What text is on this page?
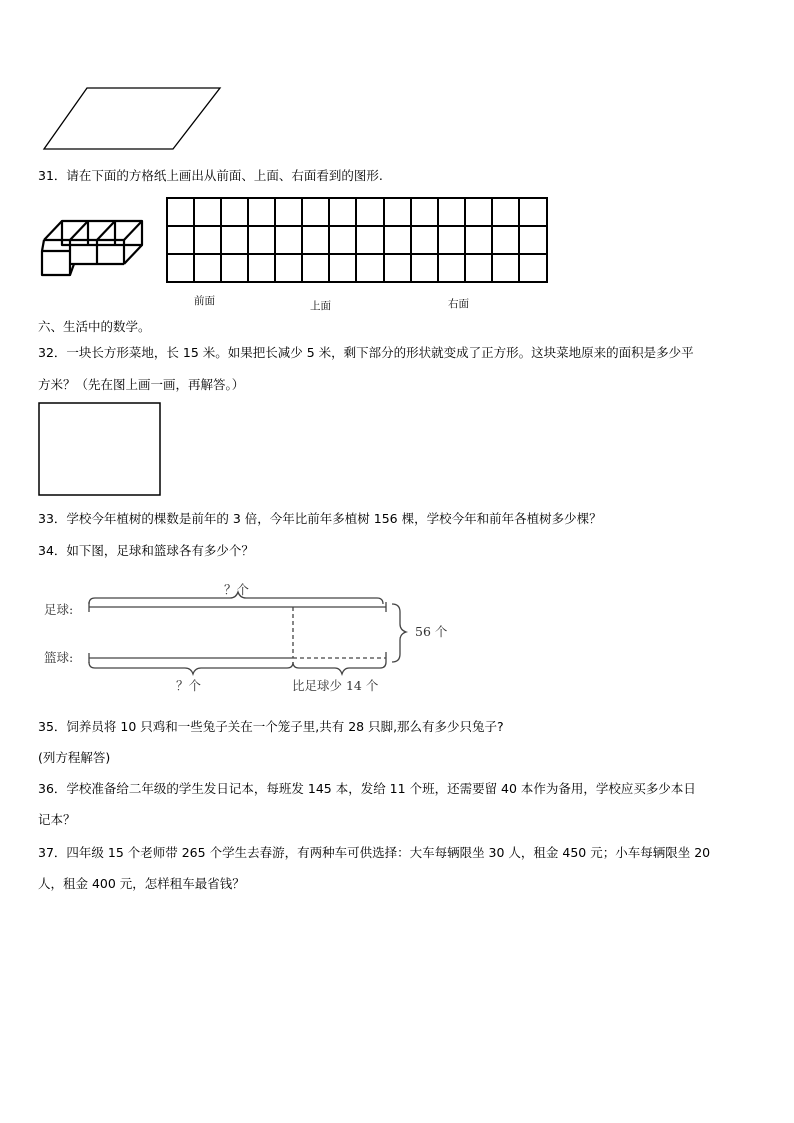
31．请在下面的方格纸上画出从前面、上面、右面看到的图形.
前面	上面	右面
六、生活中的数学。
32．一块长方形菜地，长 15 米。如果把长减少 5 米，剩下部分的形状就变成了正方形。这块菜地原来的面积是多少平
方米？（先在图上画一画，再解答。）
33．学校今年植树的棵数是前年的 3 倍，今年比前年多植树 156 棵，学校今年和前年各植树多少棵？
34．如下图，足球和篮球各有多少个？
？个
足球:
篮球:
56 个
？个	比足球少 14 个
35．饲养员将 10 只鸡和一些兔子关在一个笼子里,共有 28 只脚,那么有多少只兔子?
(列方程解答)
36．学校准备给二年级的学生发日记本，每班发 145 本，发给 11 个班，还需要留 40 本作为备用，学校应买多少本日
记本？
37．四年级 15 个老师带 265 个学生去春游，有两种车可供选择：大车每辆限坐 30 人，租金 450 元；小车每辆限坐 20
人，租金 400 元，怎样租车最省钱？
